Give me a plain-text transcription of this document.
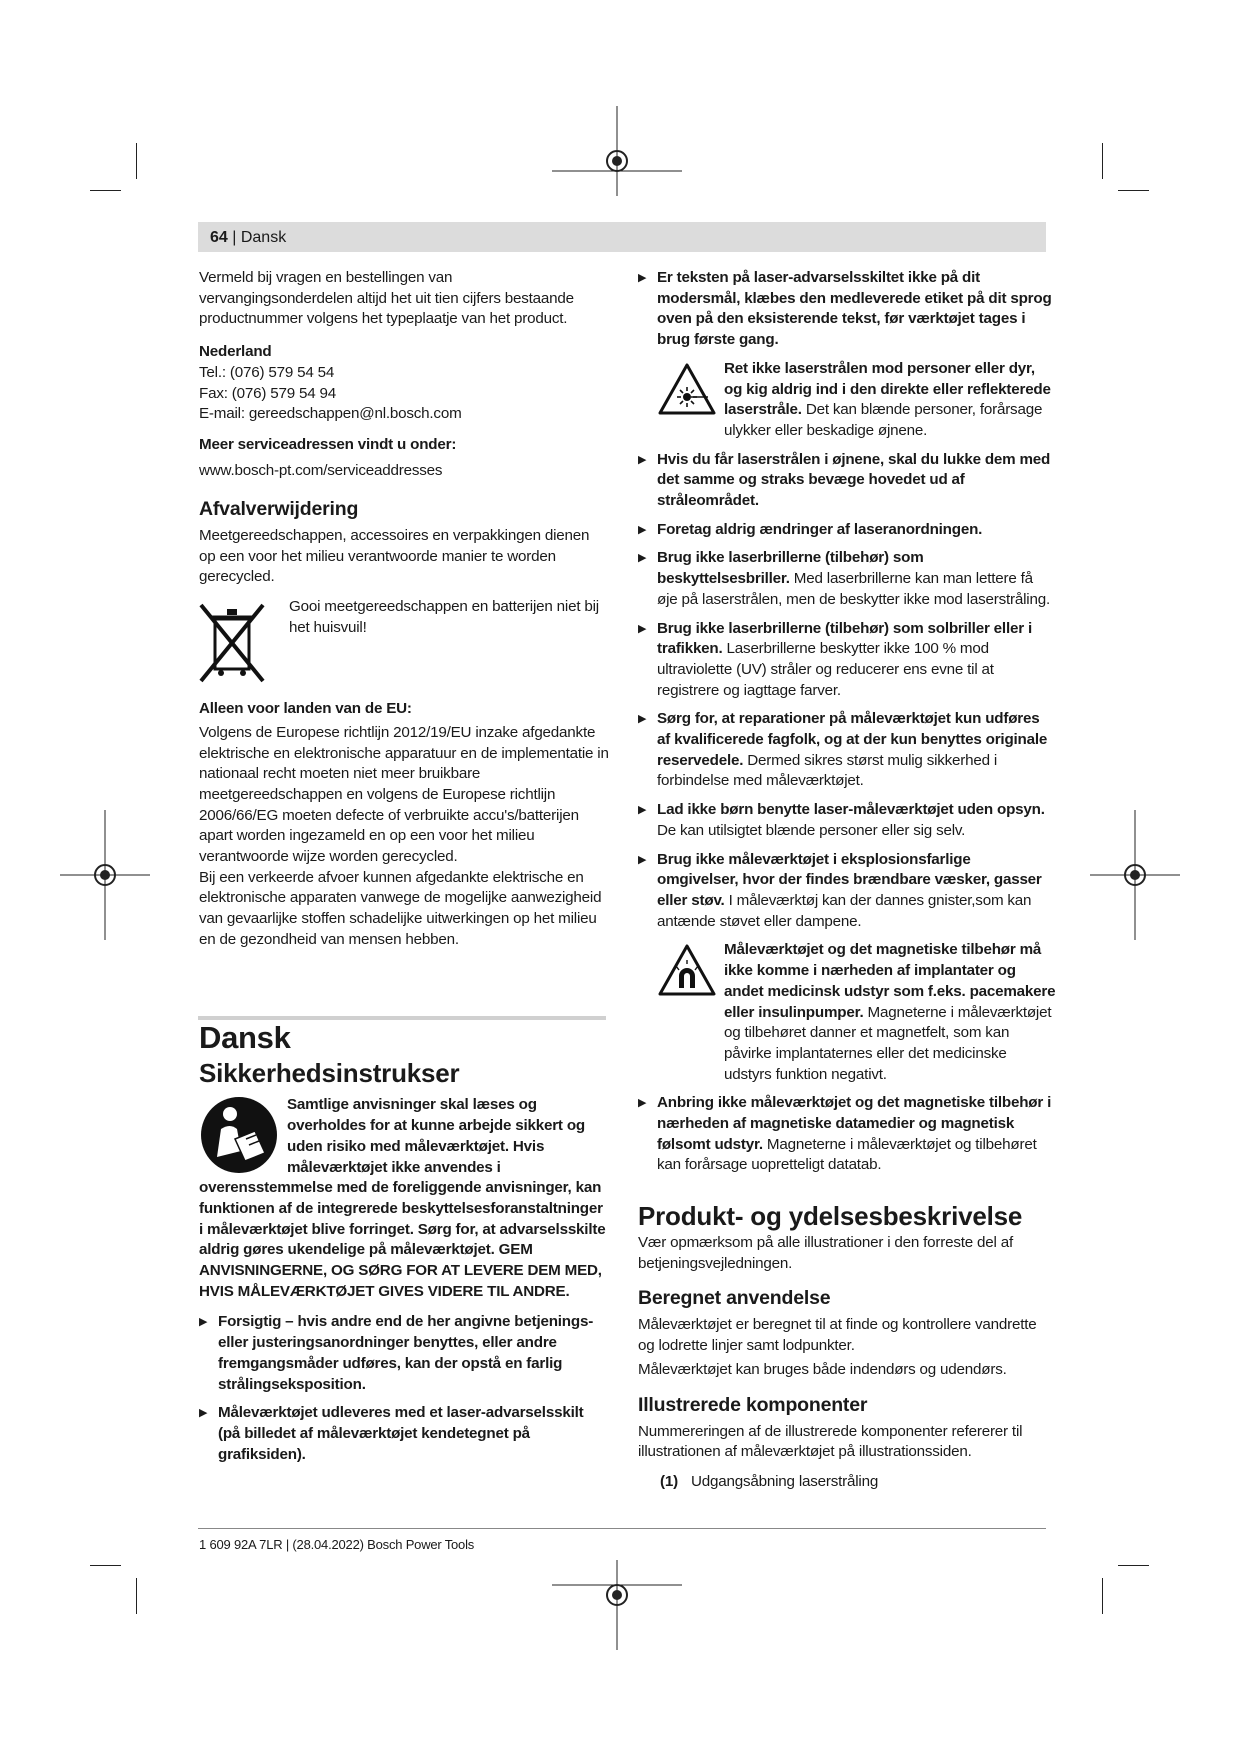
64 | Dansk

Vermeld bij vragen en bestellingen van vervangingsonderdelen altijd het uit tien cijfers bestaande productnummer volgens het typeplaatje van het product.

Nederland
Tel.: (076) 579 54 54
Fax: (076) 579 54 94
E-mail: gereedschappen@nl.bosch.com
Meer serviceadressen vindt u onder:
www.bosch-pt.com/serviceaddresses
Afvalverwijdering

Meetgereedschappen, accessoires en verpakkingen dienen op een voor het milieu verantwoorde manier te worden gerecycled.

Gooi meetgereedschappen en batterijen niet bij het huisvuil!
Alleen voor landen van de EU:
Volgens de Europese richtlijn 2012/19/EU inzake afgedankte elektrische en elektronische apparatuur en de implementatie in nationaal recht moeten niet meer bruikbare meetgereedschappen en volgens de Europese richtlijn 2006/66/EG moeten defecte of verbruikte accu's/batterijen apart worden ingezameld en op een voor het milieu verantwoorde wijze worden gerecycled.
Bij een verkeerde afvoer kunnen afgedankte elektrische en elektronische apparaten vanwege de mogelijke aanwezigheid van gevaarlijke stoffen schadelijke uitwerkingen op het milieu en de gezondheid van mensen hebben.
Dansk
Sikkerhedsinstrukser
Samtlige anvisninger skal læses og overholdes for at kunne arbejde sikkert og uden risiko med måleværktøjet. Hvis måleværktøjet ikke anvendes i overensstemmelse med de foreliggende anvisninger, kan funktionen af de integrerede beskyttelsesforanstaltninger i måleværktøjet blive forringet. Sørg for, at advarselsskilte aldrig gøres ukendelige på måleværktøjet. GEM ANVISNINGERNE, OG SØRG FOR AT LEVERE DEM MED, HVIS MÅLEVÆRKTØJET GIVES VIDERE TIL ANDRE.
▶ Forsigtig – hvis andre end de her angivne betjenings- eller justeringsanordninger benyttes, eller andre fremgangsmåder udføres, kan der opstå en farlig strålingseksposition.
▶ Måleværktøjet udleveres med et laser-advarselsskilt (på billedet af måleværktøjet kendetegnet på grafiksiden).
▶ Er teksten på laser-advarselsskiltet ikke på dit modersmål, klæbes den medleverede etiket på dit sprog oven på den eksisterende tekst, før værktøjet tages i brug første gang.
Ret ikke laserstrålen mod personer eller dyr, og kig aldrig ind i den direkte eller reflekterede laserstråle. Det kan blænde personer, forårsage ulykker eller beskadige øjnene.
▶ Hvis du får laserstrålen i øjnene, skal du lukke dem med det samme og straks bevæge hovedet ud af strålеområdet.
▶ Foretag aldrig ændringer af laseranordningen.
▶ Brug ikke laserbrillerne (tilbehør) som beskyttelsesbriller. Med laserbrillerne kan man lettere få øje på laserstrålen, men de beskytter ikke mod laserstråling.
▶ Brug ikke laserbrillerne (tilbehør) som solbriller eller i trafikken. Laserbrillerne beskytter ikke 100 % mod ultraviolette (UV) stråler og reducerer ens evne til at registrere og iagttage farver.
▶ Sørg for, at reparationer på måleværktøjet kun udføres af kvalificerede fagfolk, og at der kun benyttes originale reservedele. Dermed sikres størst mulig sikkerhed i forbindelse med måleværktøjet.
▶ Lad ikke børn benytte laser-måleværktøjet uden opsyn. De kan utilsigtet blænde personer eller sig selv.
▶ Brug ikke måleværktøjet i eksplosionsfarlige omgivelser, hvor der findes brændbare væsker, gasser eller støv. I måleværktøj kan der dannes gnister,som kan antænde støvet eller dampene.
Måleværktøjet og det magnetiske tilbehør må ikke komme i nærheden af implantater og andet medicinsk udstyr som f.eks. pacemakere eller insulinpumper. Magneterne i måleværktøjet og tilbehøret danner et magnetfelt, som kan påvirke implantaternes eller det medicinske udstyrs funktion negativt.
▶ Anbring ikke måleværktøjet og det magnetiske tilbehør i nærheden af magnetiske datamedier og magnetisk følsomt udstyr. Magneterne i måleværktøjet og tilbehøret kan forårsage uopretteligt datatab.
Produkt- og ydelsesbeskrivelse

Vær opmærksom på alle illustrationer i den forreste del af betjeningsvejledningen.

Beregnet anvendelse

Måleværktøjet er beregnet til at finde og kontrollere vandrette og lodrette linjer samt lodpunkter.

Måleværktøjet kan bruges både indendørs og udendørs.

Illustrerede komponenter

Nummereringen af de illustrerede komponenter refererer til illustrationen af måleværktøjet på illustrationssiden.

(1) Udgangsåbning laserstråling
1 609 92A 7LR | (28.04.2022) Bosch Power Tools
